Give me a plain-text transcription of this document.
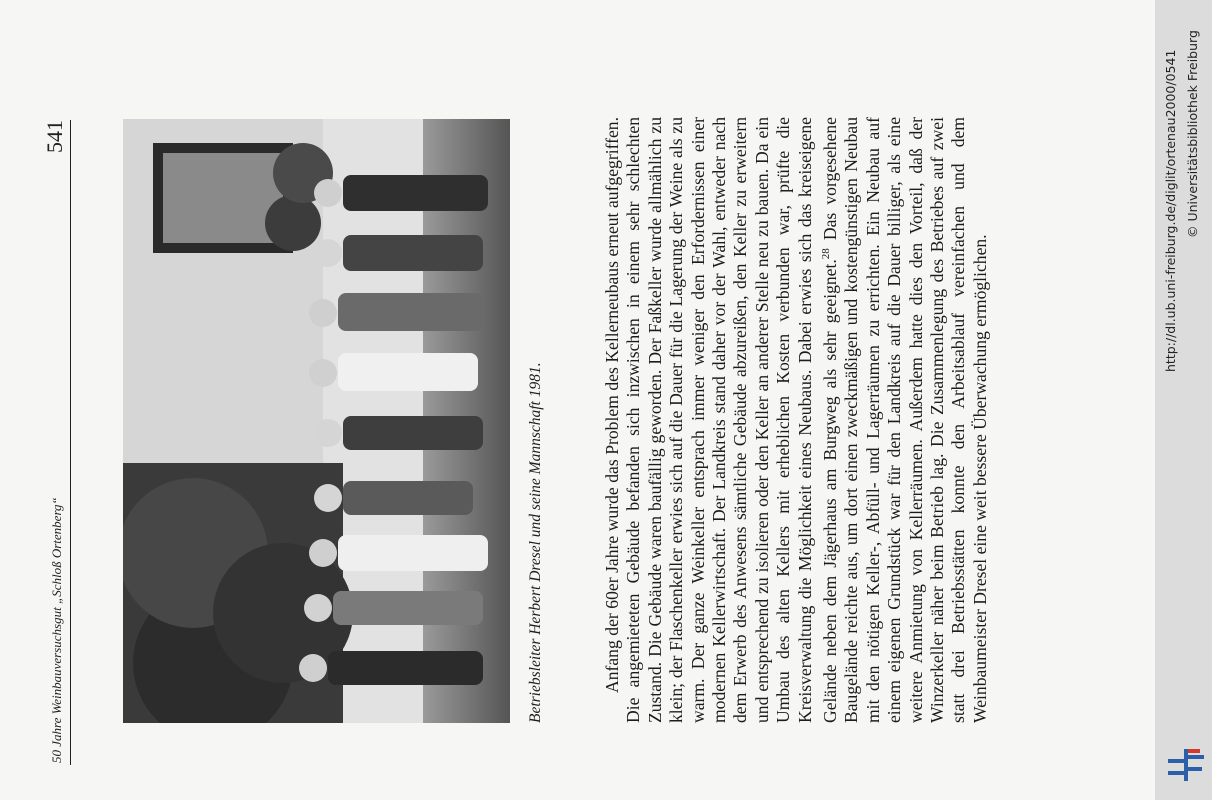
50 Jahre Weinbauversuchsgut „Schloß Ortenberg“
541
Betriebsleiter Herbert Dresel und seine Mannschaft 1981.	Anfang der 60er Jahre wurde das Problem des Kellerneubaus erneut aufgegriffen. Die angemieteten Gebäude befanden sich inzwischen in einem sehr schlechten Zustand. Die Gebäude waren baufällig geworden. Der Faßkeller wurde allmählich zu klein; der Flaschenkeller erwies sich auf die Dauer für die Lagerung der Weine als zu warm. Der ganze Weinkeller entsprach immer weniger den Erfordernissen einer modernen Kellerwirtschaft. Der Landkreis stand daher vor der Wahl, entweder nach dem Erwerb des Anwesens sämtliche Gebäude abzureißen, den Keller zu erweitern und entsprechend zu isolieren oder den Keller an anderer Stelle neu zu bauen. Da ein Umbau des alten Kellers mit erheblichen Kosten verbunden war, prüfte die Kreisverwaltung die Möglichkeit eines Neubaus. Dabei erwies sich das kreiseigene Gelände neben dem Jägerhaus am Burgweg als sehr geeignet.$^{28}$ Das vorgesehene Baugelände reichte aus, um dort einen zweckmäßigen und kostengünstigen Neubau mit den nötigen Keller-, Abfüll- und Lagerräumen zu errichten. Ein Neubau auf einem eigenen Grundstück war für den Landkreis auf die Dauer billiger, als eine weitere Anmietung von Kellerräumen. Außerdem hatte dies den Vorteil, daß der Winzerkeller näher beim Betrieb lag. Die Zusammenlegung des Betriebes auf zwei statt drei Betriebsstätten konnte den Arbeitsablauf vereinfachen und dem Weinbaumeister Dresel eine weit bessere Überwachung ermöglichen.

http://dl.ub.uni-freiburg.de/diglit/ortenau2000/0541 © Universitätsbibliothek Freiburg
